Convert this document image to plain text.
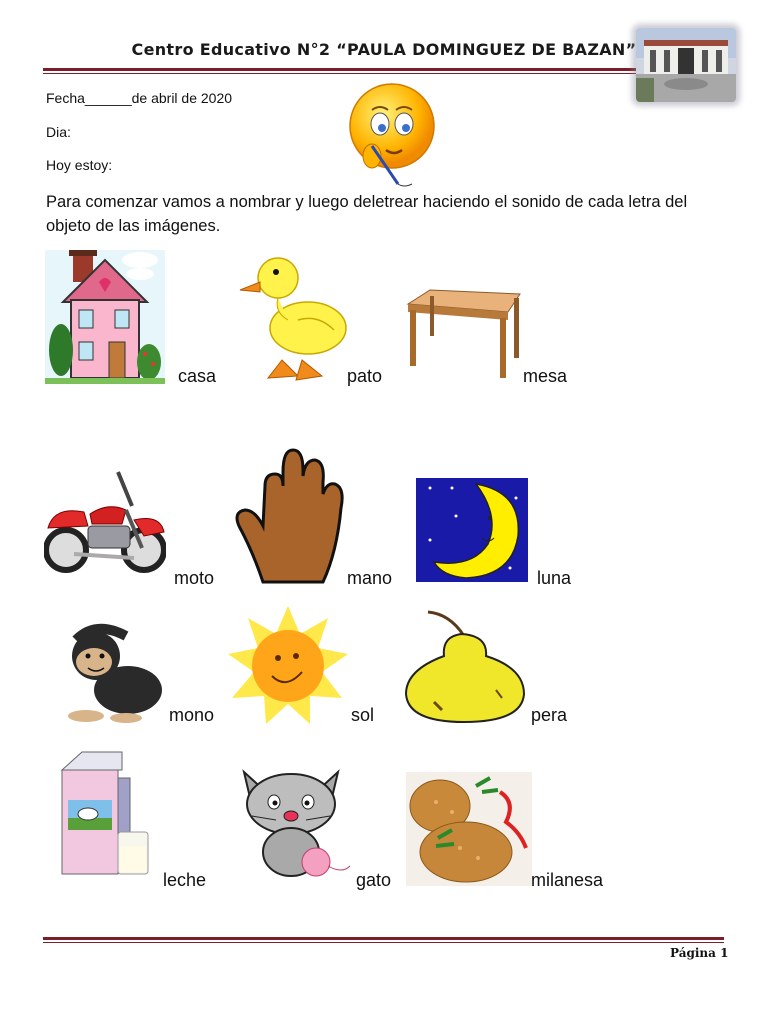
Centro Educativo N°2 “PAULA DOMINGUEZ DE BAZAN”
Fecha______de abril de 2020
Dia:
Hoy estoy:
Para comenzar vamos a nombrar y luego deletrear haciendo el sonido de cada letra del objeto de las imágenes.
casa	pato	mesa
moto	mano	luna
mono	sol	pera
leche	gato	milanesa
Página 1
